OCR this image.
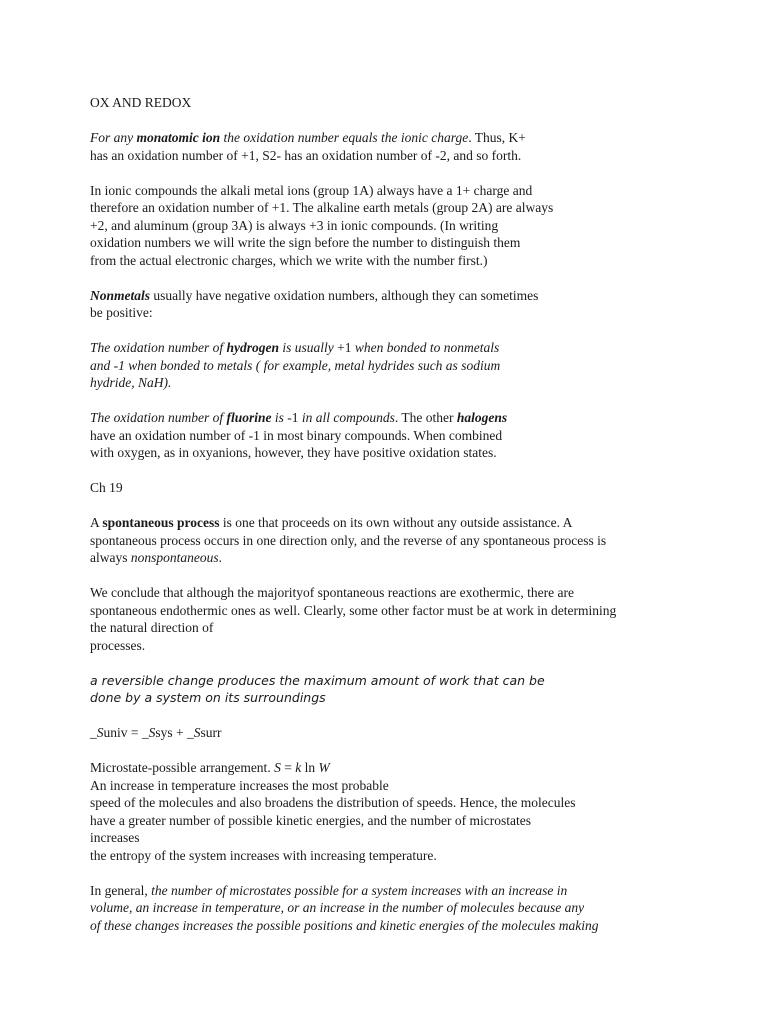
OX AND REDOX

For any monatomic ion the oxidation number equals the ionic charge. Thus, K+
has an oxidation number of +1, S2- has an oxidation number of -2, and so forth.

In ionic compounds the alkali metal ions (group 1A) always have a 1+ charge and
therefore an oxidation number of +1. The alkaline earth metals (group 2A) are always
+2, and aluminum (group 3A) is always +3 in ionic compounds. (In writing
oxidation numbers we will write the sign before the number to distinguish them
from the actual electronic charges, which we write with the number first.)

Nonmetals usually have negative oxidation numbers, although they can sometimes
be positive:

The oxidation number of hydrogen is usually +1 when bonded to nonmetals
and -1 when bonded to metals ( for example, metal hydrides such as sodium
hydride, NaH).

The oxidation number of fluorine is -1 in all compounds. The other halogens
have an oxidation number of -1 in most binary compounds. When combined
with oxygen, as in oxyanions, however, they have positive oxidation states.

Ch 19

A spontaneous process is one that proceeds on its own without any outside assistance. A
spontaneous process occurs in one direction only, and the reverse of any spontaneous process is
always nonspontaneous.

We conclude that although the majorityof spontaneous reactions are exothermic, there are
spontaneous endothermic ones as well. Clearly, some other factor must be at work in determining
the natural direction of
processes.

a reversible change produces the maximum amount of work that can be
done by a system on its surroundings

_Suniv = _Ssys + _Ssurr

Microstate-possible arrangement. S = k ln W
An increase in temperature increases the most probable
speed of the molecules and also broadens the distribution of speeds. Hence, the molecules
have a greater number of possible kinetic energies, and the number of microstates
increases
the entropy of the system increases with increasing temperature.

In general, the number of microstates possible for a system increases with an increase in
volume, an increase in temperature, or an increase in the number of molecules because any
of these changes increases the possible positions and kinetic energies of the molecules making
